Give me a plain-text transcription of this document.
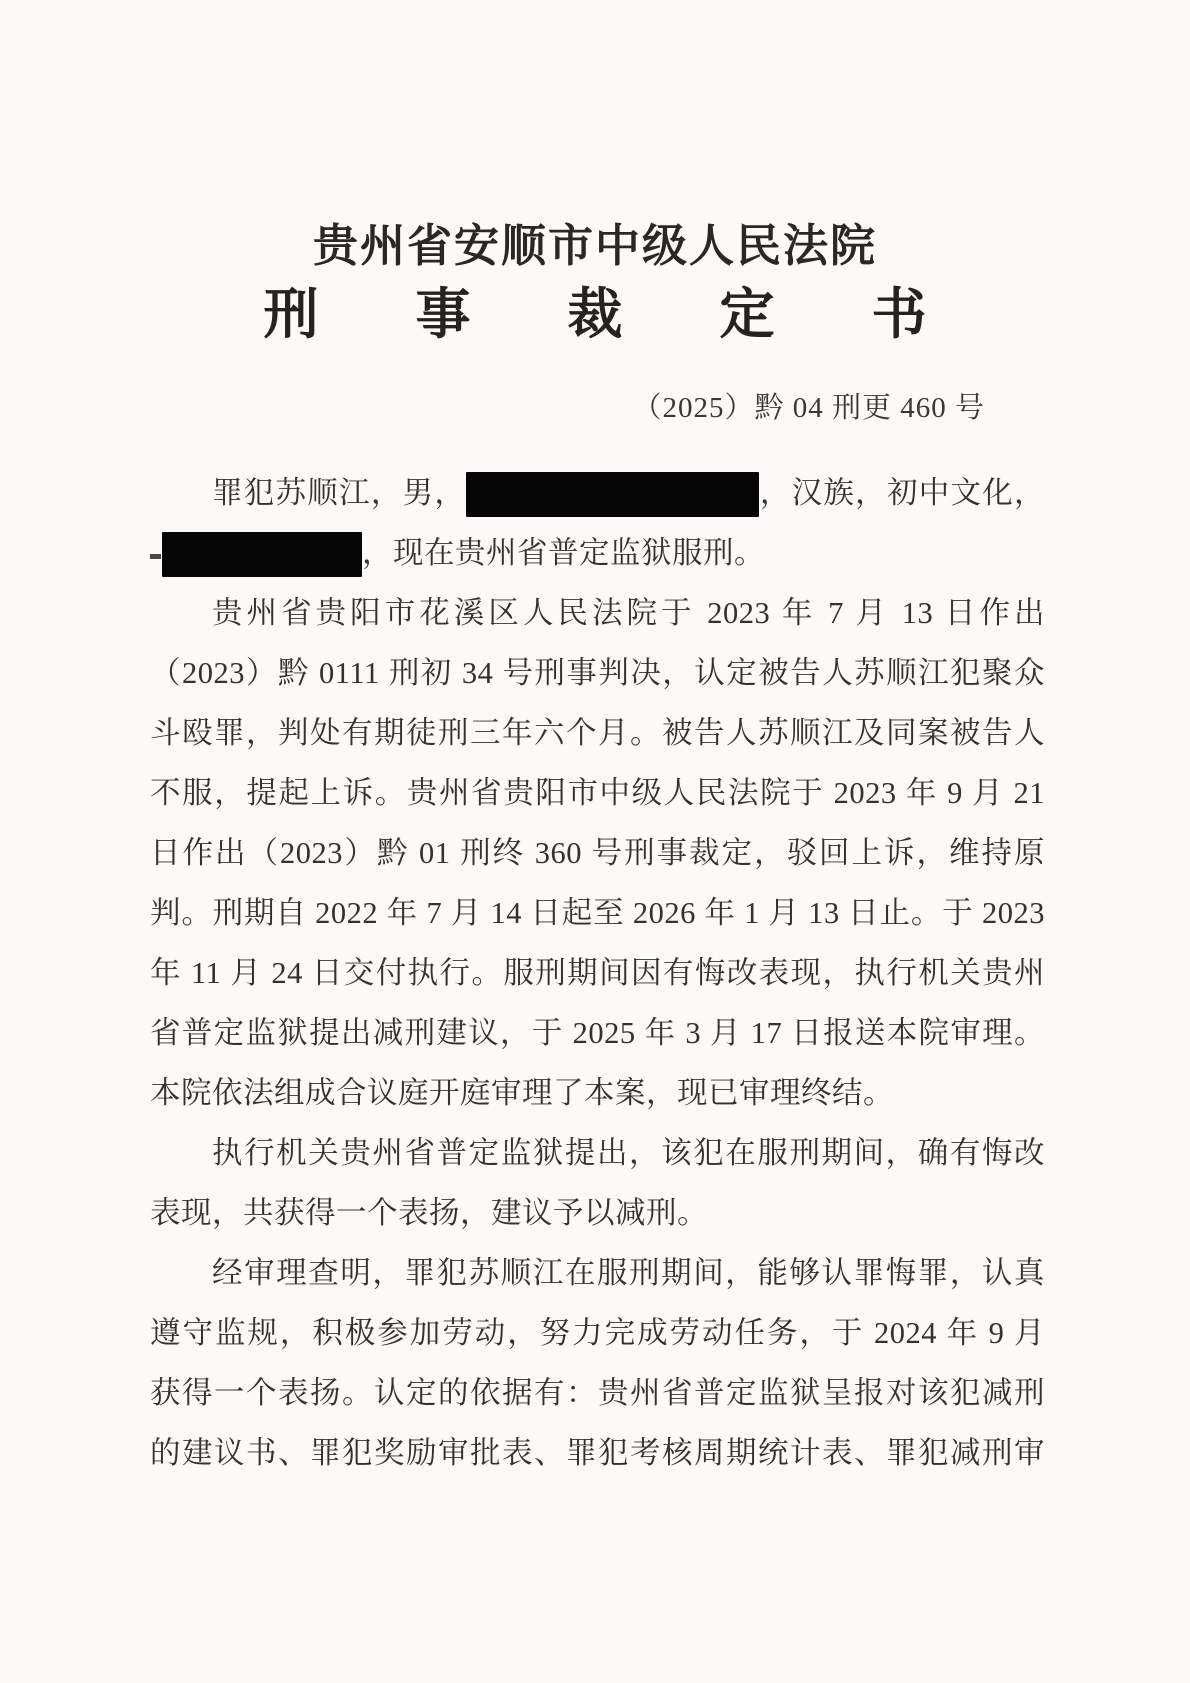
贵州省安顺市中级人民法院
刑事裁定书
（2025）黔 04 刑更 460 号
罪犯苏顺江，男，	，汉族，初中文化，
，现在贵州省普定监狱服刑。
贵州省贵阳市花溪区人民法院于 2023 年 7 月 13 日作出
（2023）黔 0111 刑初 34 号刑事判决，认定被告人苏顺江犯聚众
斗殴罪，判处有期徒刑三年六个月。被告人苏顺江及同案被告人
不服，提起上诉。贵州省贵阳市中级人民法院于 2023 年 9 月 21
日作出（2023）黔 01 刑终 360 号刑事裁定，驳回上诉，维持原
判。刑期自 2022 年 7 月 14 日起至 2026 年 1 月 13 日止。于 2023
年 11 月 24 日交付执行。服刑期间因有悔改表现，执行机关贵州
省普定监狱提出减刑建议，于 2025 年 3 月 17 日报送本院审理。
本院依法组成合议庭开庭审理了本案，现已审理终结。
执行机关贵州省普定监狱提出，该犯在服刑期间，确有悔改
表现，共获得一个表扬，建议予以减刑。
经审理查明，罪犯苏顺江在服刑期间，能够认罪悔罪，认真
遵守监规，积极参加劳动，努力完成劳动任务，于 2024 年 9 月
获得一个表扬。认定的依据有：贵州省普定监狱呈报对该犯减刑
的建议书、罪犯奖励审批表、罪犯考核周期统计表、罪犯减刑审
